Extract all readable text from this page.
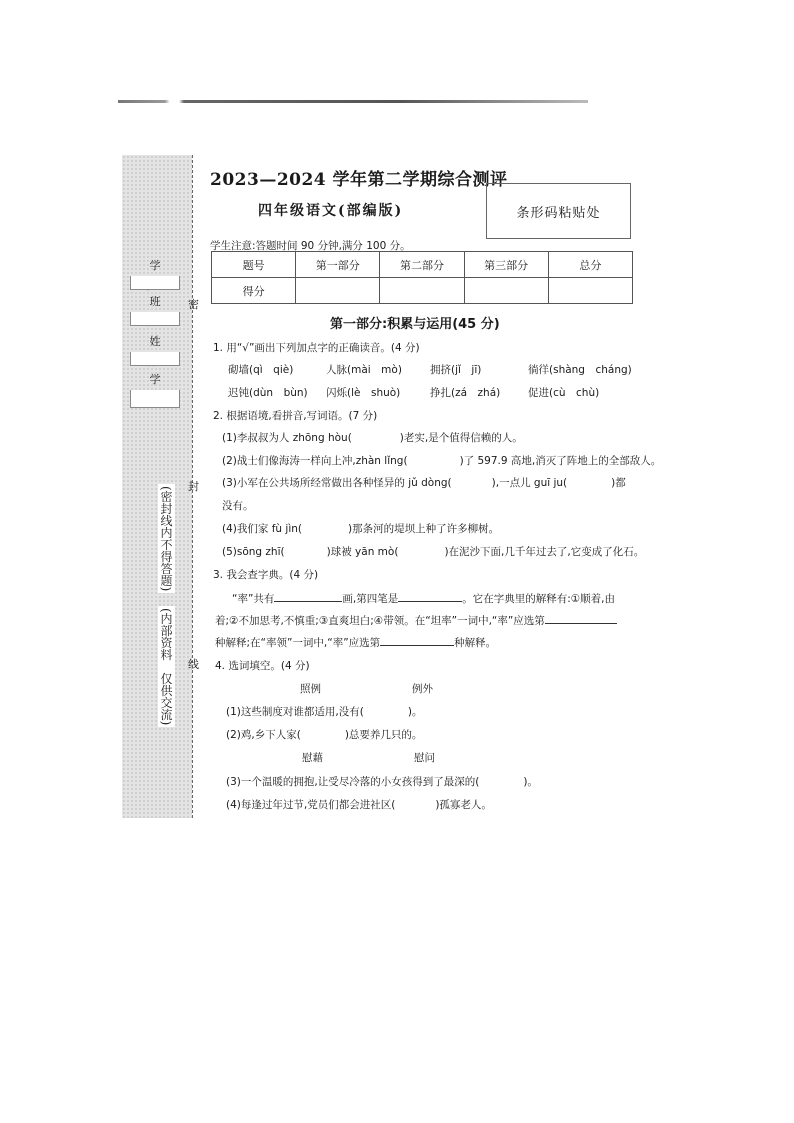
学
班
姓
学
密
封
线
(密封线内不得答题)
(内部资料　仅供交流)
2023—2024 学年第二学期综合测评
四年级语文(部编版)	条形码粘贴处
学生注意:答题时间 90 分钟,满分 100 分。
题号	第一部分	第二部分	第三部分	总分
得分				
第一部分:积累与运用(45 分)
1. 用“√”画出下列加点字的正确读音。(4 分)
砌墙(qì　qiè)	人脉(mài　mò)	拥挤(jǐ　jī)	徜徉(shàng　cháng)
迟钝(dùn　bùn) 闪烁(lè　shuò)	挣扎(zá　zhá)	促进(cù　chù)
2. 根据语境,看拼音,写词语。(7 分)
(1)李叔叔为人 zhōng hòu(	)老实,是个值得信赖的人。
(2)战士们像海涛一样向上冲,zhàn lǐng(	)了 597.9 高地,消灭了阵地上的全部敌人。
(3)小军在公共场所经常做出各种怪异的 jǔ dòng(	),一点儿 guī ju(	)都
没有。
(4)我们家 fù jìn(	)那条河的堤坝上种了许多柳树。
(5)sōng zhī(	)球被 yān mò(	)在泥沙下面,几千年过去了,它变成了化石。
3. 我会查字典。(4 分)
“率”共有	画,第四笔是	。它在字典里的解释有:①顺着,由
着;②不加思考,不慎重;③直爽坦白;④带领。在“坦率”一词中,“率”应选第
种解释;在“率领”一词中,“率”应选第	种解释。
4. 选词填空。(4 分)
照例	例外
(1)这些制度对谁都适用,没有(	)。
(2)鸡,乡下人家(	)总要养几只的。
慰藉	慰问
(3)一个温暖的拥抱,让受尽冷落的小女孩得到了最深的(	)。
(4)每逢过年过节,党员们都会进社区(	)孤寡老人。
